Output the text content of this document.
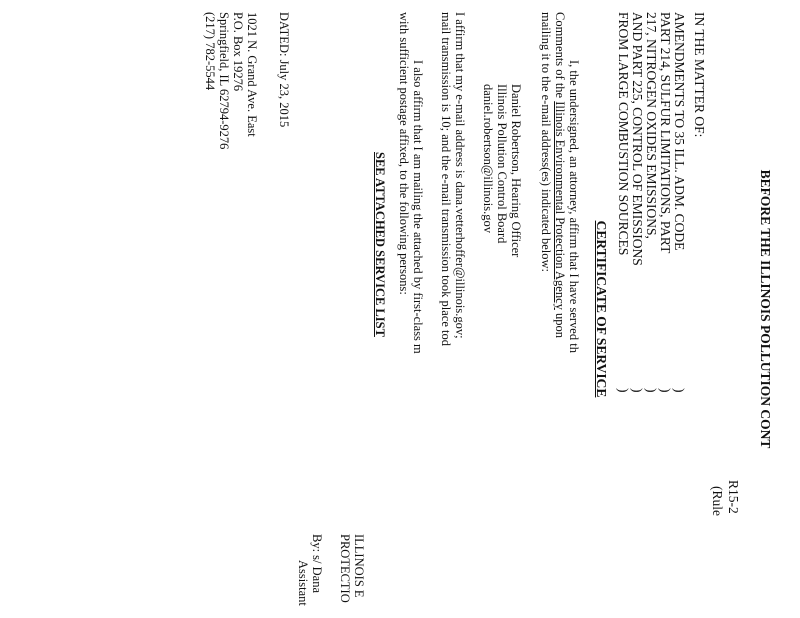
BEFORE THE ILLINOIS POLLUTION CONT
R15-2
(Rule
IN THE MATTER OF:
AMENDMENTS TO 35 ILL. ADM. CODE
PART 214, SULFUR LIMITATIONS, PART
217, NITROGEN OXIDES EMISSIONS,
AND PART 225, CONTROL OF EMISSIONS
FROM LARGE COMBUSTION SOURCES
)
)
)
)
)
CERTIFICATE OF SERVICE
I, the undersigned, an attorney, affirm that I have served th
Comments of the Illinois Environmental Protection Agency upon
mailing it to the e-mail address(es) indicated below:
Daniel Robertson, Hearing Officer
Illinois Pollution Control Board
daniel.robertson@illinois.gov
I affirm that my e-mail address is dana.vetterhoffer@illinois.gov;
mail transmission is 10; and the e-mail transmission took place tod
I also affirm that I am mailing the attached by first-class m
with sufficient postage affixed, to the following persons:
SEE ATTACHED SERVICE LIST
ILLINOIS E
PROTECTIO
By: s/ Dana
Assistant
DATED: July 23, 2015
1021 N. Grand Ave. East
P.O. Box 19276
Springfield, IL 62794-9276
(217) 782-5544
